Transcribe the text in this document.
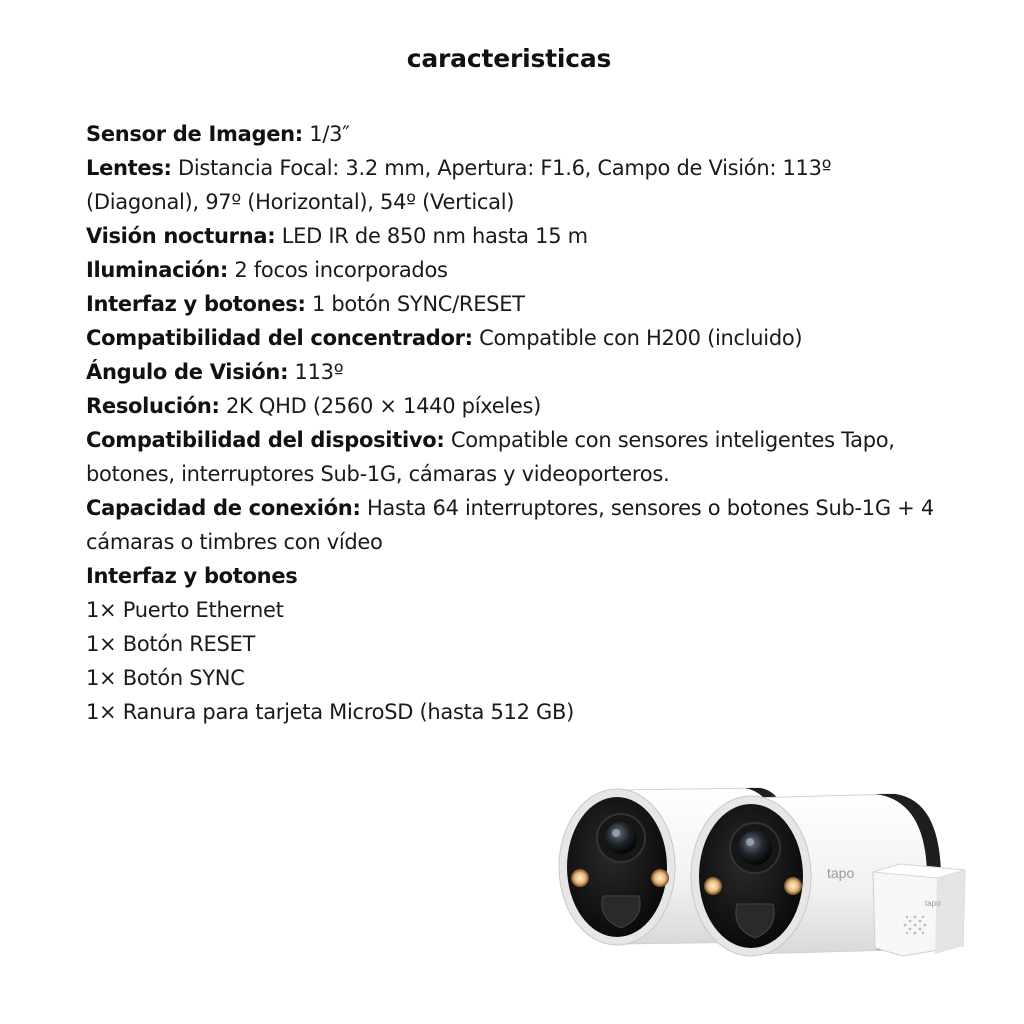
caracteristicas

Sensor de Imagen: 1/3″

Lentes: Distancia Focal: 3.2 mm, Apertura: F1.6, Campo de Visión: 113º (Diagonal), 97º (Horizontal), 54º (Vertical)

Visión nocturna: LED IR de 850 nm hasta 15 m

Iluminación: 2 focos incorporados

Interfaz y botones: 1 botón SYNC/RESET

Compatibilidad del concentrador: Compatible con H200 (incluido)

Ángulo de Visión: 113º

Resolución: 2K QHD (2560 × 1440 píxeles)

Compatibilidad del dispositivo: Compatible con sensores inteligentes Tapo, botones, interruptores Sub-1G, cámaras y videoporteros.

Capacidad de conexión: Hasta 64 interruptores, sensores o botones Sub-1G + 4 cámaras o timbres con vídeo

Interfaz y botones

1× Puerto Ethernet

1× Botón RESET

1× Botón SYNC

1× Ranura para tarjeta MicroSD (hasta 512 GB)

tapo
tapo
